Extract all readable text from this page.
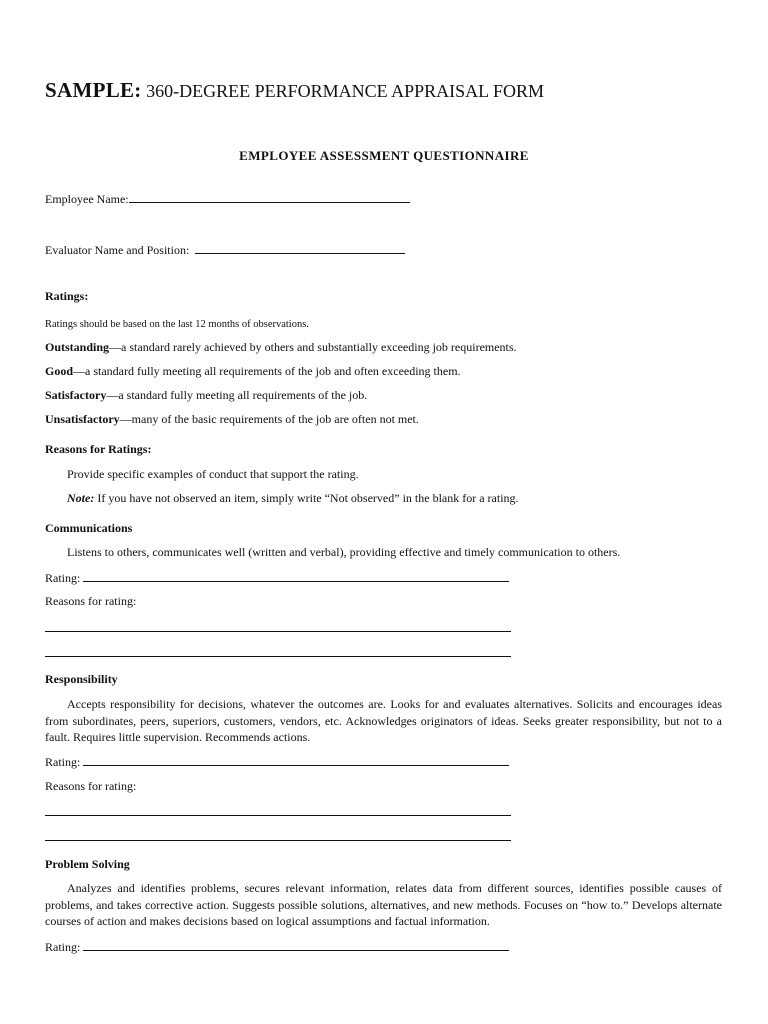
SAMPLE: 360-DEGREE PERFORMANCE APPRAISAL FORM
EMPLOYEE ASSESSMENT QUESTIONNAIRE
Employee Name:
Evaluator Name and Position:
Ratings:
Ratings should be based on the last 12 months of observations.
Outstanding—a standard rarely achieved by others and substantially exceeding job requirements.
Good—a standard fully meeting all requirements of the job and often exceeding them.
Satisfactory—a standard fully meeting all requirements of the job.
Unsatisfactory—many of the basic requirements of the job are often not met.
Reasons for Ratings:
Provide specific examples of conduct that support the rating.
Note: If you have not observed an item, simply write “Not observed” in the blank for a rating.
Communications
Listens to others, communicates well (written and verbal), providing effective and timely communication to others.
Rating:
Reasons for rating:
Responsibility
Accepts responsibility for decisions, whatever the outcomes are. Looks for and evaluates alternatives. Solicits and encourages ideas from subordinates, peers, superiors, customers, vendors, etc. Acknowledges originators of ideas. Seeks greater responsibility, but not to a fault. Requires little supervision. Recommends actions.
Rating:
Reasons for rating:
Problem Solving
Analyzes and identifies problems, secures relevant information, relates data from different sources, identifies possible causes of problems, and takes corrective action. Suggests possible solutions, alternatives, and new methods. Focuses on “how to.” Develops alternate courses of action and makes decisions based on logical assumptions and factual information.
Rating:
